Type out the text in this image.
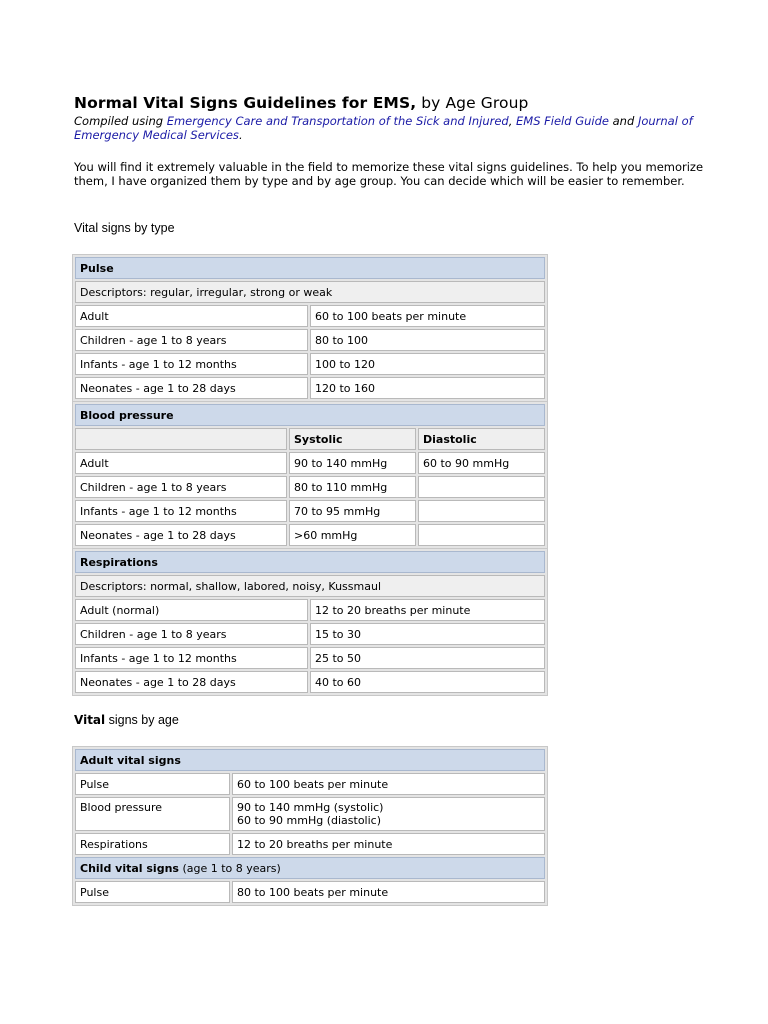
Normal Vital Signs Guidelines for EMS, by Age Group
Compiled using Emergency Care and Transportation of the Sick and Injured, EMS Field Guide and Journal of Emergency Medical Services.
You will find it extremely valuable in the field to memorize these vital signs guidelines. To help you memorize them, I have organized them by type and by age group. You can decide which will be easier to remember.
Vital signs by type
Pulse	
Descriptors: regular, irregular, strong or weak	
Adult	60 to 100 beats per minute
Children - age 1 to 8 years	80 to 100
Infants - age 1 to 12 months	100 to 120
Neonates - age 1 to 28 days	120 to 160
Blood pressure		
	Systolic	Diastolic
Adult	90 to 140 mmHg	60 to 90 mmHg
Children - age 1 to 8 years	80 to 110 mmHg	
Infants - age 1 to 12 months	70 to 95 mmHg	
Neonates - age 1 to 28 days	>60 mmHg	
Respirations	
Descriptors: normal, shallow, labored, noisy, Kussmaul	
Adult (normal)	12 to 20 breaths per minute
Children - age 1 to 8 years	15 to 30
Infants - age 1 to 12 months	25 to 50
Neonates - age 1 to 28 days	40 to 60
Vital signs by age
Adult vital signs	
Pulse	60 to 100 beats per minute
Blood pressure	90 to 140 mmHg (systolic)
60 to 90 mmHg (diastolic)

Respirations	12 to 20 breaths per minute
Child vital signs (age 1 to 8 years)	
Pulse	80 to 100 beats per minute
